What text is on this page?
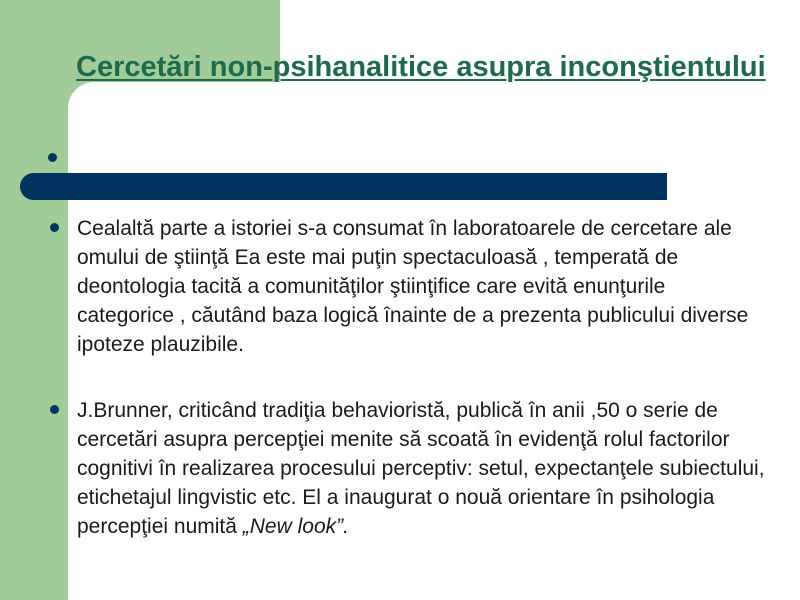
Cercetări non-psihanalitice asupra inconştientului

Cealaltă parte a istoriei s-a consumat în laboratoarele de cercetare ale omului de ştiinţă Ea este mai puţin spectaculoasă , temperată de deontologia tacită a comunităţilor ştiinţifice care evită enunţurile categorice , căutând baza logică înainte de a prezenta publicului diverse ipoteze plauzibile.

J.Brunner, criticând tradiţia behavioristă, publică în anii ,50 o serie de cercetări asupra percepţiei menite să scoată în evidenţă rolul factorilor cognitivi în realizarea procesului perceptiv: setul, expectanţele subiectului, etichetajul lingvistic etc. El a inaugurat o nouă orientare în psihologia percepţiei numită „New look”.
